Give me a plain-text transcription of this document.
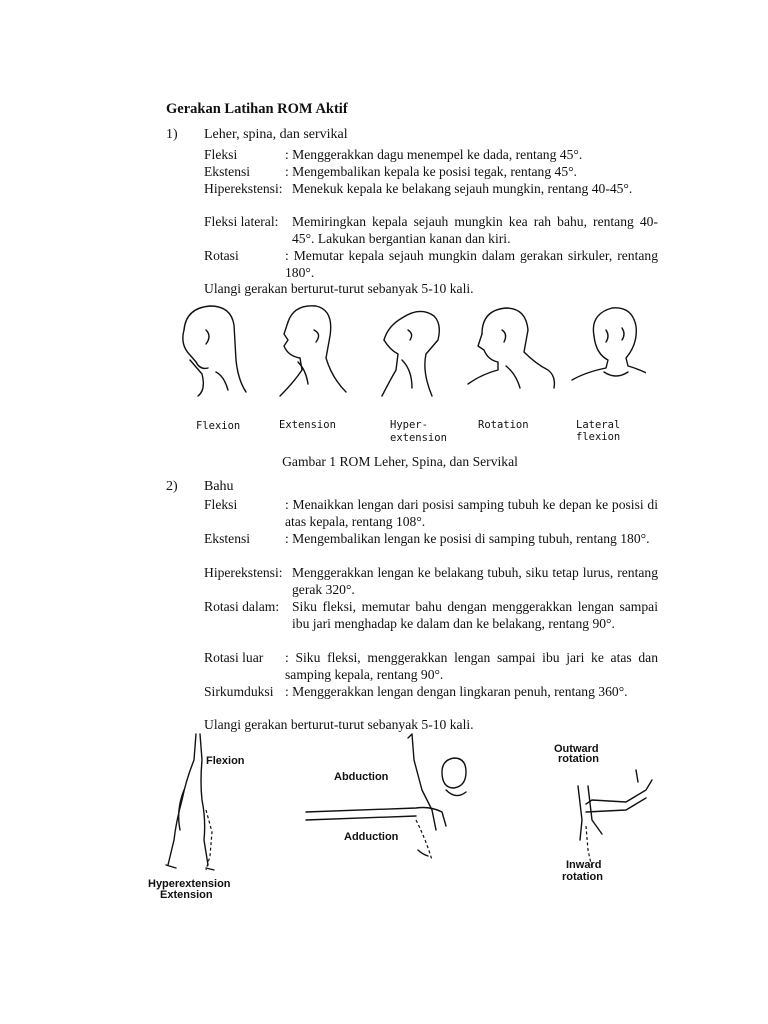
Gerakan Latihan ROM Aktif
1) Leher, spina, dan servikal
Fleksi	: Menggerakkan dagu menempel ke dada, rentang 45°.
Ekstensi	: Mengembalikan kepala ke posisi tegak, rentang 45°.
Hiperekstensi: Menekuk kepala ke belakang sejauh mungkin, rentang 40-45°.
Fleksi lateral: Memiringkan kepala sejauh mungkin kea rah bahu, rentang 40-45°. Lakukan bergantian kanan dan kiri.
Rotasi	: Memutar kepala sejauh mungkin dalam gerakan sirkuler, rentang 180°.
Ulangi gerakan berturut-turut sebanyak 5-10 kali.
Flexion	Extension	Hyper-
extension
Rotation	Lateral
flexion
Gambar 1 ROM Leher, Spina, dan Servikal
2) Bahu
Fleksi	: Menaikkan lengan dari posisi samping tubuh ke depan ke posisi di atas kepala, rentang 108°.
Ekstensi	: Mengembalikan lengan ke posisi di samping tubuh, rentang 180°.
Hiperekstensi: Menggerakkan lengan ke belakang tubuh, siku tetap lurus, rentang gerak 320°.
Rotasi dalam: Siku fleksi, memutar bahu dengan menggerakkan lengan sampai ibu jari menghadap ke dalam dan ke belakang, rentang 90°.
Rotasi luar : Siku fleksi, menggerakkan lengan sampai ibu jari ke atas dan samping kepala, rentang 90°.
Sirkumduksi : Menggerakkan lengan dengan lingkaran penuh, rentang 360°.
Ulangi gerakan berturut-turut sebanyak 5-10 kali.
Flexion
Hyperextension
Extension
Abduction
Adduction
Outward
rotation
Inward
rotation
